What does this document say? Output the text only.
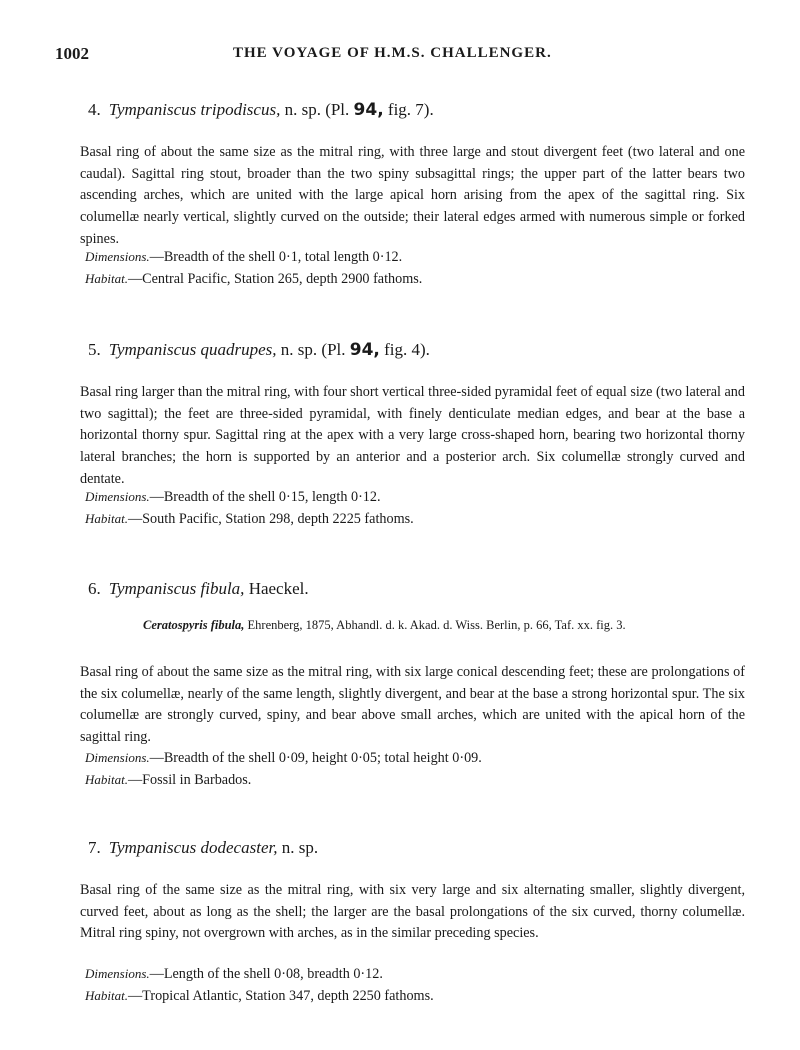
1002	THE VOYAGE OF H.M.S. CHALLENGER.

4. Tympaniscus tripodiscus, n. sp. (Pl. 94, fig. 7).

Basal ring of about the same size as the mitral ring, with three large and stout divergent feet (two lateral and one caudal). Sagittal ring stout, broader than the two spiny subsagittal rings; the upper part of the latter bears two ascending arches, which are united with the large apical horn arising from the apex of the sagittal ring. Six columellæ nearly vertical, slightly curved on the outside; their lateral edges armed with numerous simple or forked spines.

Dimensions.—Breadth of the shell 0·1, total length 0·12.
Habitat.—Central Pacific, Station 265, depth 2900 fathoms.

5. Tympaniscus quadrupes, n. sp. (Pl. 94, fig. 4).

Basal ring larger than the mitral ring, with four short vertical three-sided pyramidal feet of equal size (two lateral and two sagittal); the feet are three-sided pyramidal, with finely denticulate median edges, and bear at the base a horizontal thorny spur. Sagittal ring at the apex with a very large cross-shaped horn, bearing two horizontal thorny lateral branches; the horn is supported by an anterior and a posterior arch. Six columellæ strongly curved and dentate.

Dimensions.—Breadth of the shell 0·15, length 0·12.
Habitat.—South Pacific, Station 298, depth 2225 fathoms.

6. Tympaniscus fibula, Haeckel.

Ceratospyris fibula, Ehrenberg, 1875, Abhandl. d. k. Akad. d. Wiss. Berlin, p. 66, Taf. xx. fig. 3.

Basal ring of about the same size as the mitral ring, with six large conical descending feet; these are prolongations of the six columellæ, nearly of the same length, slightly divergent, and bear at the base a strong horizontal spur. The six columellæ are strongly curved, spiny, and bear above small arches, which are united with the apical horn of the sagittal ring.

Dimensions.—Breadth of the shell 0·09, height 0·05; total height 0·09.
Habitat.—Fossil in Barbados.

7. Tympaniscus dodecaster, n. sp.

Basal ring of the same size as the mitral ring, with six very large and six alternating smaller, slightly divergent, curved feet, about as long as the shell; the larger are the basal prolongations of the six curved, thorny columellæ. Mitral ring spiny, not overgrown with arches, as in the similar preceding species.

Dimensions.—Length of the shell 0·08, breadth 0·12.
Habitat.—Tropical Atlantic, Station 347, depth 2250 fathoms.
